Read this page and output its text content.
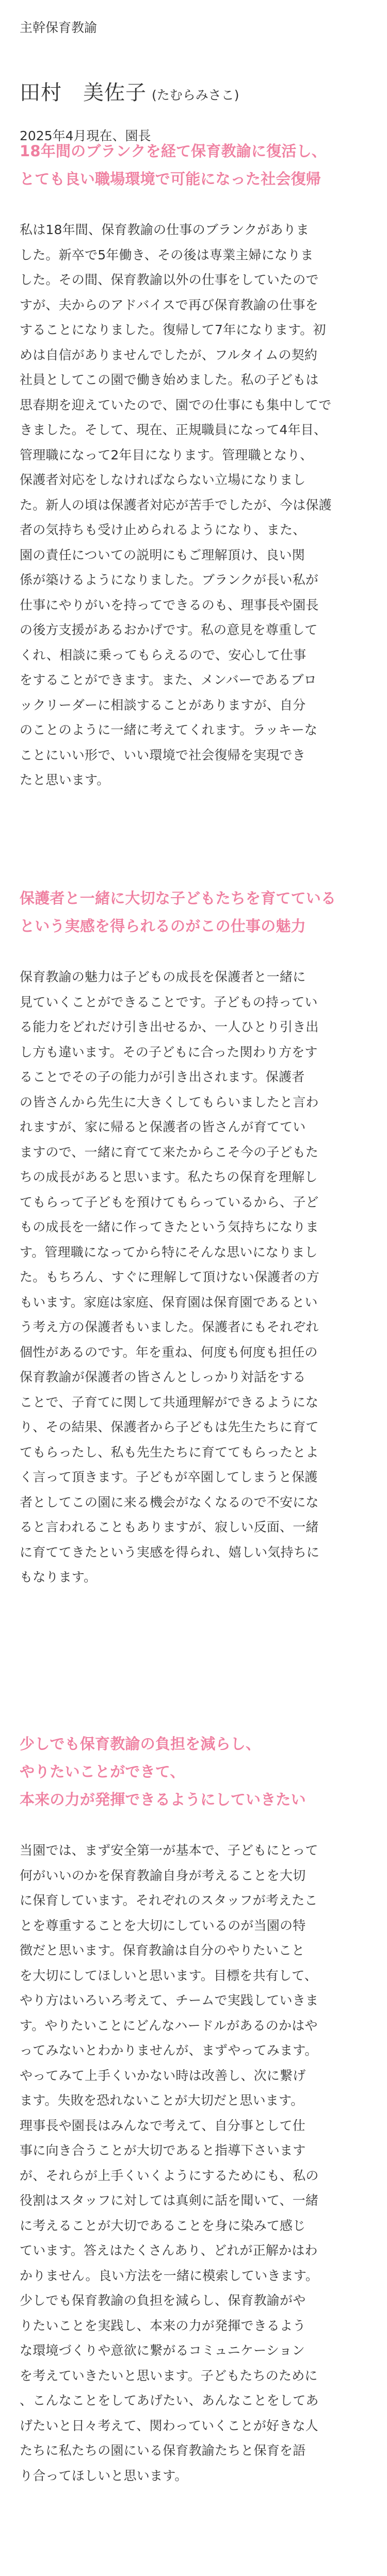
主幹保育教諭

田村　美佐子 (たむらみさこ)
2025年4月現在、園長
18年間のブランクを経て保育教諭に復活し、
とても良い職場環境で可能になった社会復帰
私は18年間、保育教諭の仕事のブランクがありま
した。新卒で5年働き、その後は専業主婦になりま
した。その間、保育教諭以外の仕事をしていたので
すが、夫からのアドバイスで再び保育教諭の仕事を
することになりました。復帰して7年になります。初
めは自信がありませんでしたが、フルタイムの契約
社員としてこの園で働き始めました。私の子どもは
思春期を迎えていたので、園での仕事にも集中してで
きました。そして、現在、正規職員になって4年目、
管理職になって2年目になります。管理職となり、
保護者対応をしなければならない立場になりまし
た。新人の頃は保護者対応が苦手でしたが、今は保護
者の気持ちも受け止められるようになり、また、
園の責任についての説明にもご理解頂け、良い関
係が築けるようになりました。ブランクが長い私が
仕事にやりがいを持ってできるのも、理事長や園長
の後方支援があるおかげです。私の意見を尊重して
くれ、相談に乗ってもらえるので、安心して仕事
をすることができます。また、メンバーであるブロ
ックリーダーに相談することがありますが、自分
のことのように一緒に考えてくれます。ラッキーな
ことにいい形で、いい環境で社会復帰を実現でき
たと思います。
保護者と一緒に大切な子どもたちを育てている
という実感を得られるのがこの仕事の魅力
保育教諭の魅力は子どもの成長を保護者と一緒に
見ていくことができることです。子どもの持ってい
る能力をどれだけ引き出せるか、一人ひとり引き出
し方も違います。その子どもに合った関わり方をす
ることでその子の能力が引き出されます。保護者
の皆さんから先生に大きくしてもらいましたと言わ
れますが、家に帰ると保護者の皆さんが育ててい
ますので、一緒に育てて来たからこそ今の子どもた
ちの成長があると思います。私たちの保育を理解し
てもらって子どもを預けてもらっているから、子ど
もの成長を一緒に作ってきたという気持ちになりま
す。管理職になってから特にそんな思いになりまし
た。もちろん、すぐに理解して頂けない保護者の方
もいます。家庭は家庭、保育園は保育園であるとい
う考え方の保護者もいました。保護者にもそれぞれ
個性があるのです。年を重ね、何度も何度も担任の
保育教諭が保護者の皆さんとしっかり対話をする
ことで、子育てに関して共通理解ができるようにな
り、その結果、保護者から子どもは先生たちに育て
てもらったし、私も先生たちに育ててもらったとよ
く言って頂きます。子どもが卒園してしまうと保護
者としてこの園に来る機会がなくなるので不安にな
ると言われることもありますが、寂しい反面、一緒
に育ててきたという実感を得られ、嬉しい気持ちに
もなります。
少しでも保育教諭の負担を減らし、
やりたいことができて、
本来の力が発揮できるようにしていきたい
当園では、まず安全第一が基本で、子どもにとって
何がいいのかを保育教諭自身が考えることを大切
に保育しています。それぞれのスタッフが考えたこ
とを尊重することを大切にしているのが当園の特
徴だと思います。保育教諭は自分のやりたいこと
を大切にしてほしいと思います。目標を共有して、
やり方はいろいろ考えて、チームで実践していきま
す。やりたいことにどんなハードルがあるのかはや
ってみないとわかりませんが、まずやってみます。
やってみて上手くいかない時は改善し、次に繋げ
ます。失敗を恐れないことが大切だと思います。
理事長や園長はみんなで考えて、自分事として仕
事に向き合うことが大切であると指導下さいます
が、それらが上手くいくようにするためにも、私の
役割はスタッフに対しては真剣に話を聞いて、一緒
に考えることが大切であることを身に染みて感じ
ています。答えはたくさんあり、どれが正解かはわ
かりません。良い方法を一緒に模索していきます。
少しでも保育教諭の負担を減らし、保育教諭がや
りたいことを実践し、本来の力が発揮できるよう
な環境づくりや意欲に繋がるコミュニケーション
を考えていきたいと思います。子どもたちのために
、こんなことをしてあげたい、あんなことをしてあ
げたいと日々考えて、関わっていくことが好きな人
たちに私たちの園にいる保育教諭たちと保育を語
り合ってほしいと思います。
